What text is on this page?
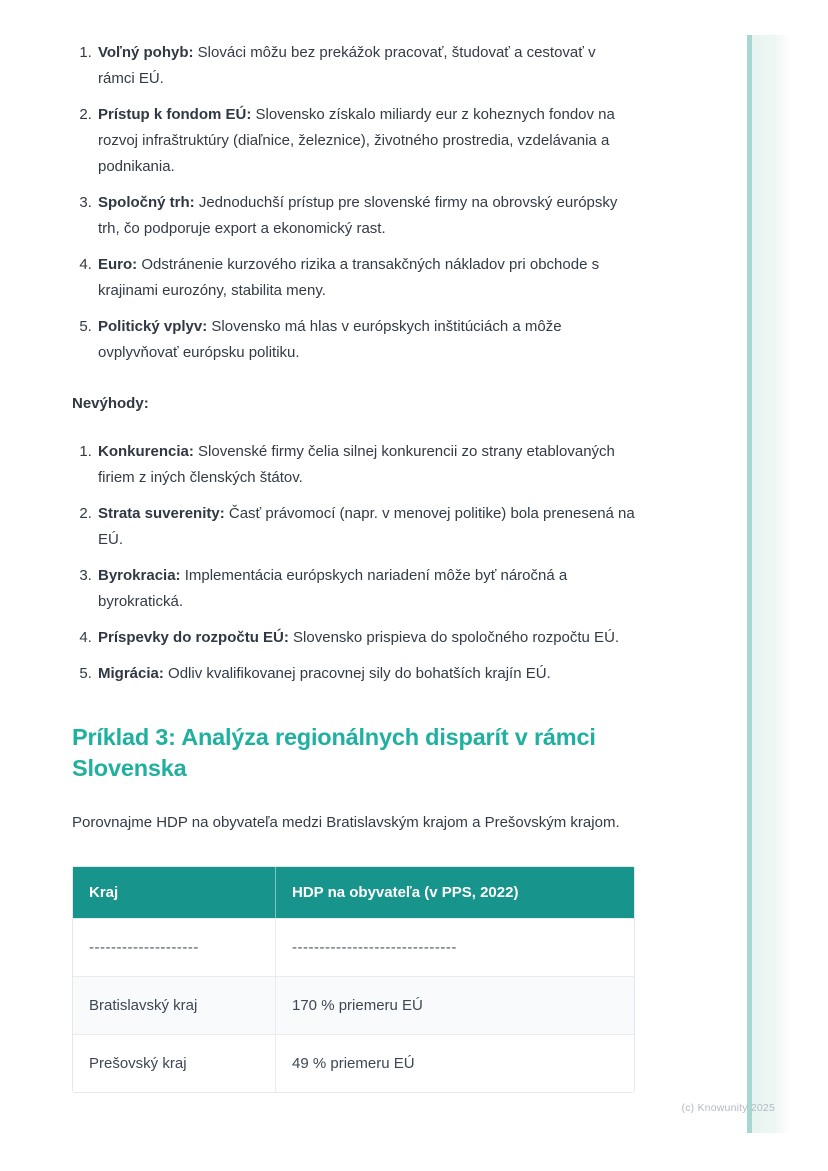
1. Voľný pohyb: Slováci môžu bez prekážok pracovať, študovať a cestovať v rámci EÚ.
2. Prístup k fondom EÚ: Slovensko získalo miliardy eur z koheznych fondov na rozvoj infraštruktúry (diaľnice, železnice), životného prostredia, vzdelávania a podnikania.
3. Spoločný trh: Jednoduchší prístup pre slovenské firmy na obrovský európsky trh, čo podporuje export a ekonomický rast.
4. Euro: Odstránenie kurzového rizika a transakčných nákladov pri obchode s krajinami eurozóny, stabilita meny.
5. Politický vplyv: Slovensko má hlas v európskych inštitúciách a môže ovplyvňovať európsku politiku.

Nevýhody:

1. Konkurencia: Slovenské firmy čelia silnej konkurencii zo strany etablovaných firiem z iných členských štátov.
2. Strata suverenity: Časť právomocí (napr. v menovej politike) bola prenesená na EÚ.
3. Byrokracia: Implementácia európskych nariadení môže byť náročná a byrokratická.
4. Príspevky do rozpočtu EÚ: Slovensko prispieva do spoločného rozpočtu EÚ.
5. Migrácia: Odliv kvalifikovanej pracovnej sily do bohatších krajín EÚ.
Príklad 3: Analýza regionálnych disparít v rámci Slovenska

Porovnajme HDP na obyvateľa medzi Bratislavským krajom a Prešovským krajom.

Kraj	HDP na obyvateľa (v PPS, 2022)
--------------------	------------------------------
Bratislavský kraj	170 % priemeru EÚ
Prešovský kraj	49 % priemeru EÚ
(c) Knowunity 2025
